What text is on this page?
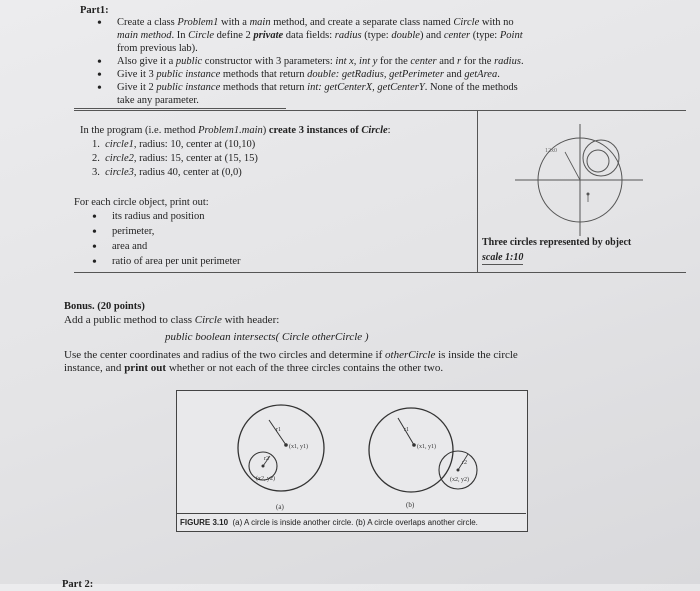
Part1:
• Create a class Problem1 with a main method, and create a separate class named Circle with no
main method. In Circle define 2 private data fields: radius (type: double) and center (type: Point
from previous lab).
• Also give it a public constructor with 3 parameters: int x, int y for the center and r for the radius.
• Give it 3 public instance methods that return double: getRadius, getPerimeter and getArea.
• Give it 2 public instance methods that return int: getCenterX, getCenterY. None of the methods
take any parameter.
In the program (i.e. method Problem1.main) create 3 instances of Circle:
1. circle1, radius: 10, center at (10,10)
2. circle2, radius: 15, center at (15, 15)
3. circle3, radius 40, center at (0,0)
For each circle object, print out:
• its radius and position
• perimeter,
• area and
• ratio of area per unit perimeter
12x0
Three circles represented by object
scale 1:10
Bonus. (20 points)
Add a public method to class Circle with header:
public boolean intersects( Circle otherCircle )
Use the center coordinates and radius of the two circles and determine if otherCircle is inside the circle
instance, and print out whether or not each of the three circles contains the other two.
r1
r2
(x1, y1)
(x2, y2)
r1
r2
(x1, y1)
(x2, y2)
(a)	(b)
FIGURE 3.10 (a) A circle is inside another circle. (b) A circle overlaps another circle.
Part 2:
